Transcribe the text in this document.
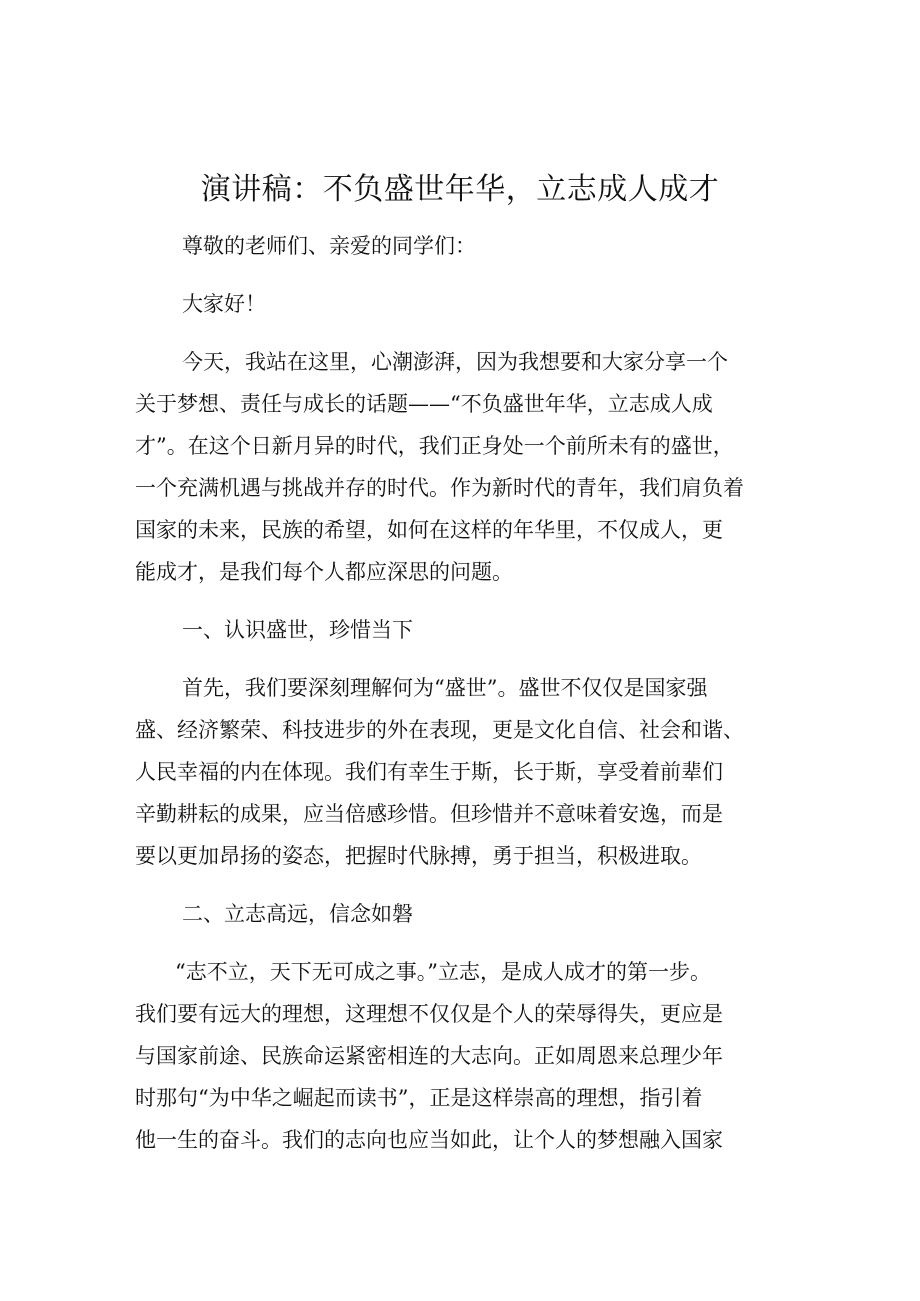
演讲稿：不负盛世年华，立志成人成才
尊敬的老师们、亲爱的同学们：
大家好！
今天，我站在这里，心潮澎湃，因为我想要和大家分享一个
关于梦想、责任与成长的话题——“不负盛世年华，立志成人成
才”。在这个日新月异的时代，我们正身处一个前所未有的盛世，
一个充满机遇与挑战并存的时代。作为新时代的青年，我们肩负着
国家的未来，民族的希望，如何在这样的年华里，不仅成人，更
能成才，是我们每个人都应深思的问题。
一、认识盛世，珍惜当下
首先，我们要深刻理解何为“盛世”。盛世不仅仅是国家强
盛、经济繁荣、科技进步的外在表现，更是文化自信、社会和谐、
人民幸福的内在体现。我们有幸生于斯，长于斯，享受着前辈们
辛勤耕耘的成果，应当倍感珍惜。但珍惜并不意味着安逸，而是
要以更加昂扬的姿态，把握时代脉搏，勇于担当，积极进取。
二、立志高远，信念如磐
“志不立，天下无可成之事。”立志，是成人成才的第一步。
我们要有远大的理想，这理想不仅仅是个人的荣辱得失，更应是
与国家前途、民族命运紧密相连的大志向。正如周恩来总理少年
时那句“为中华之崛起而读书”，正是这样崇高的理想，指引着
他一生的奋斗。我们的志向也应当如此，让个人的梦想融入国家
